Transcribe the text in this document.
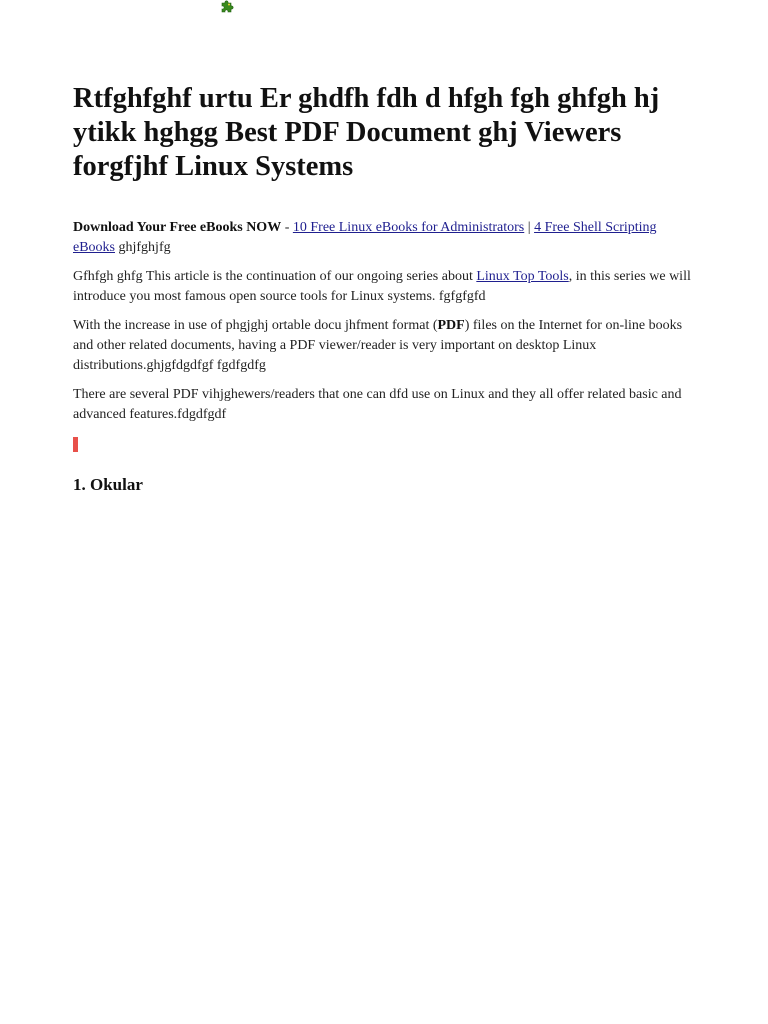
Rtfghfghf urtu Er ghdfh fdh d hfgh fgh ghfgh hj ytikk hghgg Best PDF Document ghj Viewers forgfjhf Linux Systems

Download Your Free eBooks NOW - 10 Free Linux eBooks for Administrators | 4 Free Shell Scripting eBooks ghjfghjfg

Gfhfgh ghfg This article is the continuation of our ongoing series about Linux Top Tools, in this series we will introduce you most famous open source tools for Linux systems. fgfgfgfd

With the increase in use of phgjghj ortable docu jhfment format (PDF) files on the Internet for on-line books and other related documents, having a PDF viewer/reader is very important on desktop Linux distributions.ghjgfdgdfgf fgdfgdfg

There are several PDF vihjghewers/readers that one can dfd use on Linux and they all offer related basic and advanced features.fdgdfgdf

1. Okular
